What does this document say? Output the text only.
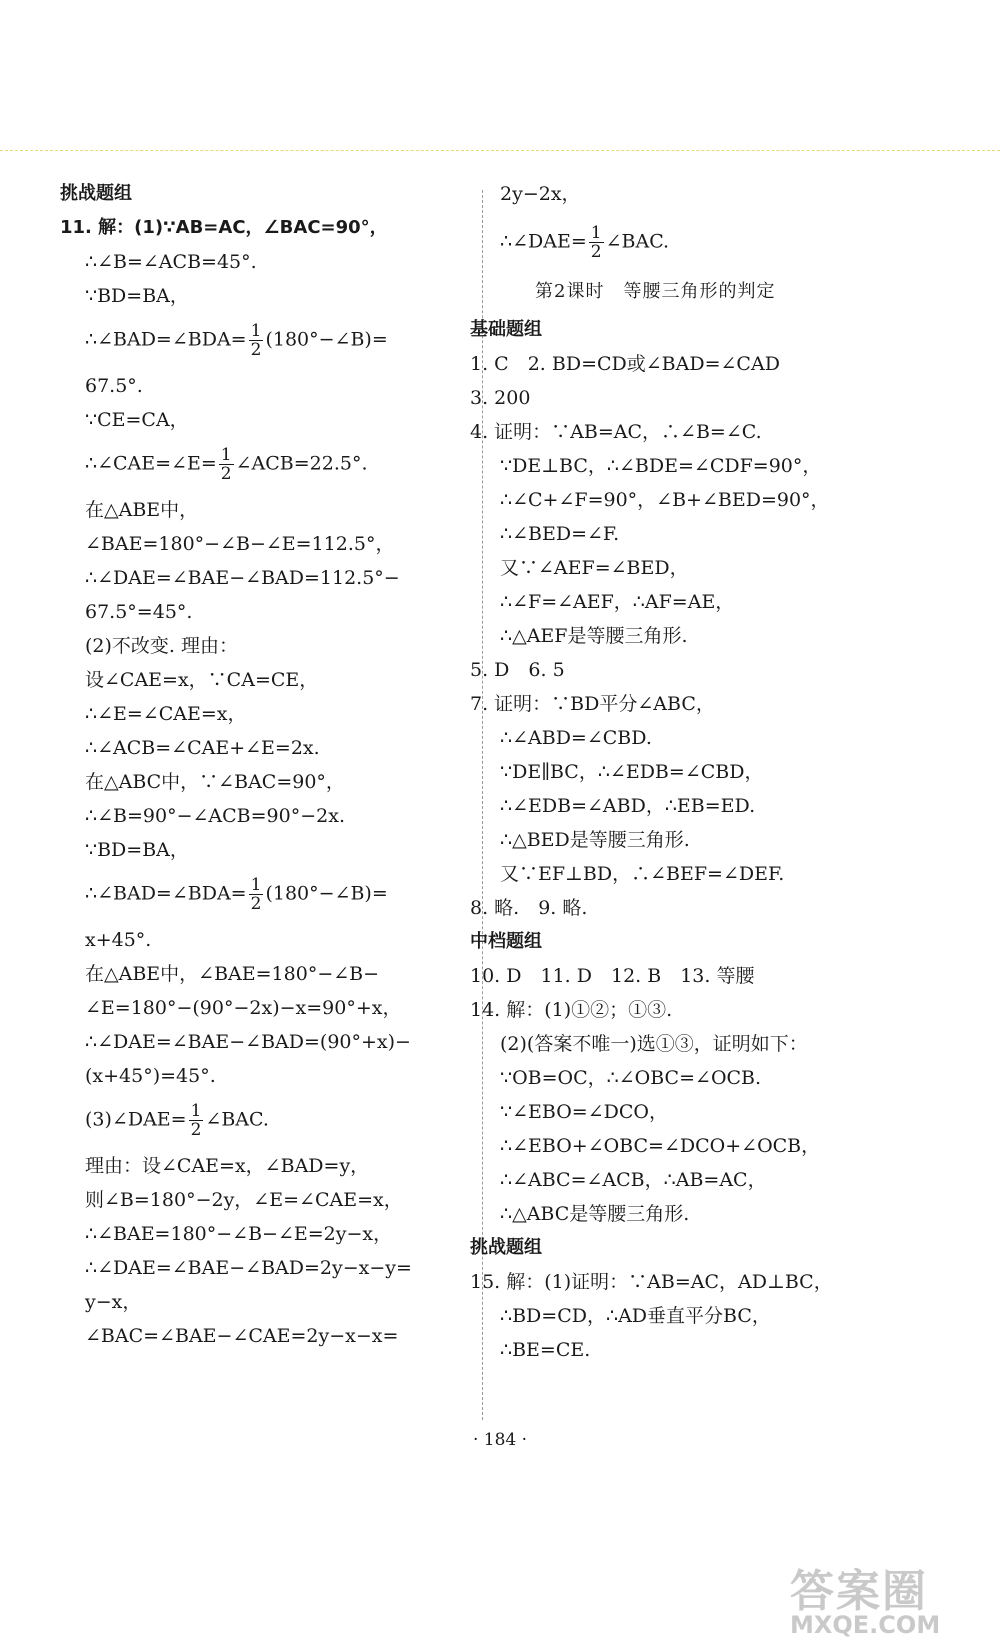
挑战题组
11. 解：(1)∵AB=AC，∠BAC=90°，
∴∠B=∠ACB=45°.
∵BD=BA，
∴∠BAD=∠BDA= $\frac{1}{2}$ (180°−∠B)=
67.5°.
∵CE=CA，
∴∠CAE=∠E= $\frac{1}{2}$ ∠ACB=22.5°.
在△ABE中，
∠BAE=180°−∠B−∠E=112.5°，
∴∠DAE=∠BAE−∠BAD=112.5°−
67.5°=45°.
(2)不改变. 理由：
设∠CAE=x，∵CA=CE，
∴∠E=∠CAE=x，
∴∠ACB=∠CAE+∠E=2x.
在△ABC中，∵∠BAC=90°，
∴∠B=90°−∠ACB=90°−2x.
∵BD=BA，
∴∠BAD=∠BDA= $\frac{1}{2}$ (180°−∠B)=
x+45°.
在△ABE中，∠BAE=180°−∠B−
∠E=180°−(90°−2x)−x=90°+x，
∴∠DAE=∠BAE−∠BAD=(90°+x)−
(x+45°)=45°.
(3)∠DAE= $\frac{1}{2}$ ∠BAC.
理由：设∠CAE=x，∠BAD=y，
则∠B=180°−2y，∠E=∠CAE=x，
∴∠BAE=180°−∠B−∠E=2y−x，
∴∠DAE=∠BAE−∠BAD=2y−x−y=
y−x，
∠BAC=∠BAE−∠CAE=2y−x−x=
2y−2x，
∴∠DAE= $\frac{1}{2}$ ∠BAC.
第2课时　等腰三角形的判定
基础题组
1. C　2. BD=CD或∠BAD=∠CAD
3. 200
4. 证明：∵AB=AC，∴∠B=∠C.
∵DE⊥BC，∴∠BDE=∠CDF=90°，
∴∠C+∠F=90°，∠B+∠BED=90°，
∴∠BED=∠F.
又∵∠AEF=∠BED，
∴∠F=∠AEF，∴AF=AE，
∴△AEF是等腰三角形.
5. D　6. 5
7. 证明：∵BD平分∠ABC，
∴∠ABD=∠CBD.
∵DE∥BC，∴∠EDB=∠CBD，
∴∠EDB=∠ABD，∴EB=ED.
∴△BED是等腰三角形.
又∵EF⊥BD，∴∠BEF=∠DEF.
8. 略.　9. 略.
中档题组
10. D　11. D　12. B　13. 等腰
14. 解：(1)①②；①③.
(2)(答案不唯一)选①③，证明如下：
∵OB=OC，∴∠OBC=∠OCB.
∵∠EBO=∠DCO，
∴∠EBO+∠OBC=∠DCO+∠OCB，
∴∠ABC=∠ACB，∴AB=AC，
∴△ABC是等腰三角形.
挑战题组
15. 解：(1)证明：∵AB=AC，AD⊥BC，
∴BD=CD，∴AD垂直平分BC，
∴BE=CE.
· 184 ·
答案圈
MXQE.COM
